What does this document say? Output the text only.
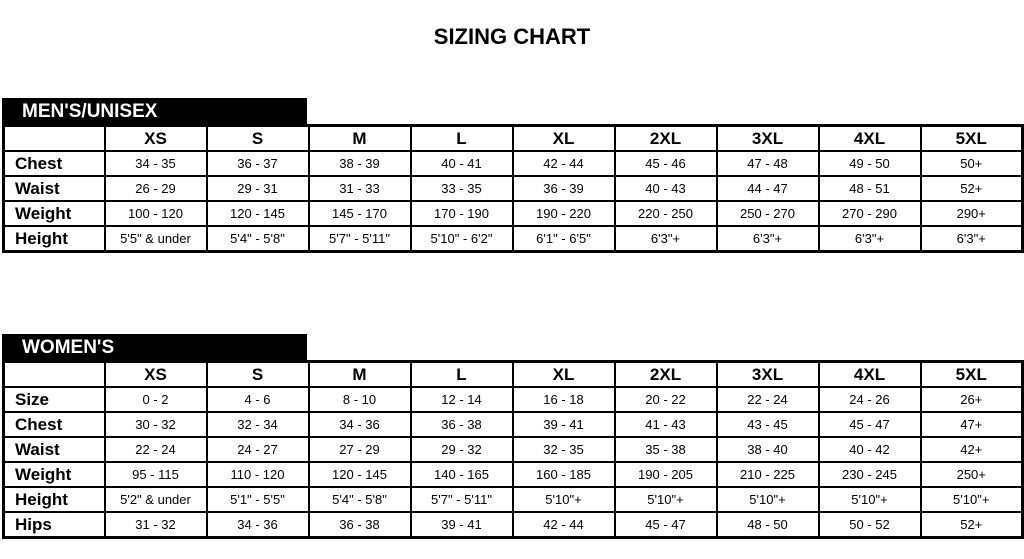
SIZING CHART
MEN'S/UNISEX
	XS	S	M	L	XL	2XL	3XL	4XL	5XL
Chest	34 - 35	36 - 37	38 - 39	40 - 41	42 - 44	45 - 46	47 - 48	49 - 50	50+
Waist	26 - 29	29 - 31	31 - 33	33 - 35	36 - 39	40 - 43	44 - 47	48 - 51	52+
Weight	100 - 120	120 - 145	145 - 170	170 - 190	190 - 220	220 - 250	250 - 270	270 - 290	290+
Height	5'5" & under	5'4" - 5'8"	5'7" - 5'11"	5'10" - 6'2"	6'1" - 6'5"	6'3"+	6'3"+	6'3"+	6'3"+
WOMEN'S
	XS	S	M	L	XL	2XL	3XL	4XL	5XL
Size	0 - 2	4 - 6	8 - 10	12 - 14	16 - 18	20 - 22	22 - 24	24 - 26	26+
Chest	30 - 32	32 - 34	34 - 36	36 - 38	39 - 41	41 - 43	43 - 45	45 - 47	47+
Waist	22 - 24	24 - 27	27 - 29	29 - 32	32 - 35	35 - 38	38 - 40	40 - 42	42+
Weight	95 - 115	110 - 120	120 - 145	140 - 165	160 - 185	190 - 205	210 - 225	230 - 245	250+
Height	5'2" & under	5'1" - 5'5"	5'4" - 5'8"	5'7" - 5'11"	5'10"+	5'10"+	5'10"+	5'10"+	5'10"+
Hips	31 - 32	34 - 36	36 - 38	39 - 41	42 - 44	45 - 47	48 - 50	50 - 52	52+
